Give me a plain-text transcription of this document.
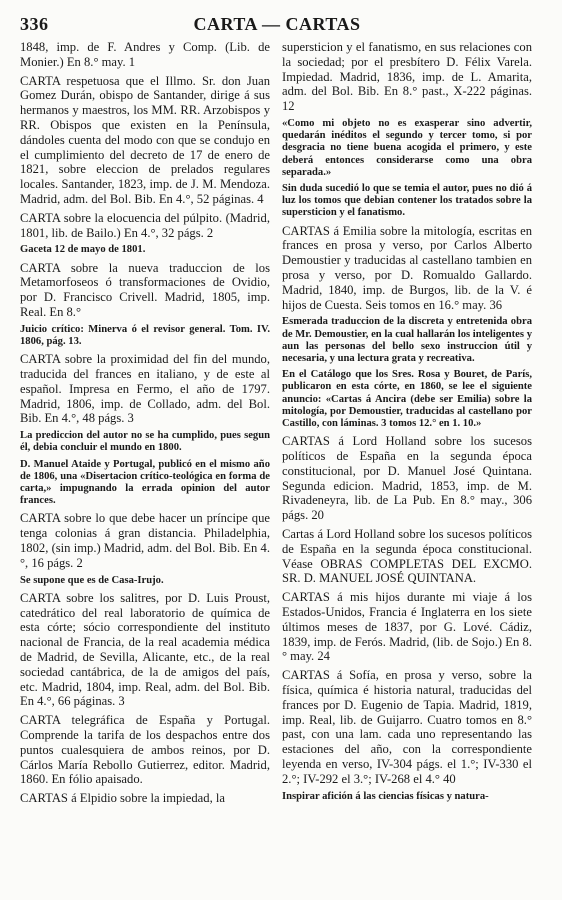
336	CARTA — CARTAS

1848, imp. de F. Andres y Comp. (Lib. de Monier.) En 8.° may. 1

CARTA respetuosa que el Illmo. Sr. don Juan Gomez Durán, obispo de Santander, dirige á sus hermanos y maestros, los MM. RR. Arzobispos y RR. Obispos que existen en la Península, dándoles cuenta del modo con que se condujo en el cumplimiento del decreto de 17 de enero de 1821, sobre eleccion de prelados regulares locales. Santander, 1823, imp. de J. M. Mendoza. Madrid, adm. del Bol. Bib. En 4.°, 52 páginas. 4

CARTA sobre la elocuencia del púlpito. (Madrid, 1801, lib. de Bailo.) En 4.°, 32 págs. 2

Gaceta 12 de mayo de 1801.

CARTA sobre la nueva traduccion de los Metamorfoseos ó transformaciones de Ovidio, por D. Francisco Crivell. Madrid, 1805, imp. Real. En 8.°

Juicio crítico: Minerva ó el revisor general. Tom. IV. 1806, pág. 13.

CARTA sobre la proximidad del fin del mundo, traducida del frances en italiano, y de este al español. Impresa en Fermo, el año de 1797. Madrid, 1806, imp. de Collado, adm. del Bol. Bib. En 4.°, 48 págs. 3

La prediccion del autor no se ha cumplido, pues segun él, debia concluir el mundo en 1800.

D. Manuel Ataide y Portugal, publicó en el mismo año de 1806, una «Disertacion crítico-teológica en forma de carta,» impugnando la errada opinion del autor frances.

CARTA sobre lo que debe hacer un príncipe que tenga colonias á gran distancia. Philadelphia, 1802, (sin imp.) Madrid, adm. del Bol. Bib. En 4.°, 16 págs. 2

Se supone que es de Casa-Irujo.

CARTA sobre los salitres, por D. Luis Proust, catedrático del real laboratorio de química de esta córte; sócio correspondiente del instituto nacional de Francia, de la real academia médica de Madrid, de Sevilla, Alicante, etc., de la real sociedad cantábrica, de la de amigos del país, etc. Madrid, 1804, imp. Real, adm. del Bol. Bib. En 4.°, 66 páginas. 3

CARTA telegráfica de España y Portugal. Comprende la tarifa de los despachos entre dos puntos cualesquiera de ambos reinos, por D. Cárlos María Rebollo Gutierrez, editor. Madrid, 1860. En fólio apaisado.

CARTAS á Elpidio sobre la impiedad, la

supersticion y el fanatismo, en sus relaciones con la sociedad; por el presbítero D. Félix Varela. Impiedad. Madrid, 1836, imp. de L. Amarita, adm. del Bol. Bib. En 8.° past., X-222 páginas. 12

«Como mi objeto no es exasperar sino advertir, quedarán inéditos el segundo y tercer tomo, si por desgracia no tiene buena acogida el primero, y este deberá entonces considerarse como una obra separada.»

Sin duda sucedió lo que se temia el autor, pues no dió á luz los tomos que debian contener los tratados sobre la supersticion y el fanatismo.

CARTAS á Emilia sobre la mitología, escritas en frances en prosa y verso, por Carlos Alberto Demoustier y traducidas al castellano tambien en prosa y verso, por D. Romualdo Gallardo. Madrid, 1840, imp. de Burgos, lib. de la V. é hijos de Cuesta. Seis tomos en 16.° may. 36

Esmerada traduccion de la discreta y entretenida obra de Mr. Demoustier, en la cual hallarán los inteligentes y aun las personas del bello sexo instruccion útil y necesaria, y una lectura grata y recreativa.

En el Catálogo que los Sres. Rosa y Bouret, de París, publicaron en esta córte, en 1860, se lee el siguiente anuncio: «Cartas á Ancira (debe ser Emilia) sobre la mitología, por Demoustier, traducidas al castellano por Castillo, con láminas. 3 tomos 12.° en 1. 10.»

CARTAS á Lord Holland sobre los sucesos políticos de España en la segunda época constitucional, por D. Manuel José Quintana. Segunda edicion. Madrid, 1853, imp. de M. Rivadeneyra, lib. de La Pub. En 8.° may., 306 págs. 20

Cartas á Lord Holland sobre los sucesos políticos de España en la segunda época constitucional. Véase OBRAS COMPLETAS DEL EXCMO. SR. D. MANUEL JOSÉ QUINTANA.

CARTAS á mis hijos durante mi viaje á los Estados-Unidos, Francia é Inglaterra en los siete últimos meses de 1837, por G. Lové. Cádiz, 1839, imp. de Ferós. Madrid, (lib. de Sojo.) En 8.° may. 24

CARTAS á Sofía, en prosa y verso, sobre la física, química é historia natural, traducidas del frances por D. Eugenio de Tapia. Madrid, 1819, imp. Real, lib. de Guijarro. Cuatro tomos en 8.° past, con una lam. cada uno representando las estaciones del año, con la correspondiente leyenda en verso, IV-304 págs. el 1.°; IV-330 el 2.°; IV-292 el 3.°; IV-268 el 4.° 40

Inspirar afición á las ciencias físicas y natura-
